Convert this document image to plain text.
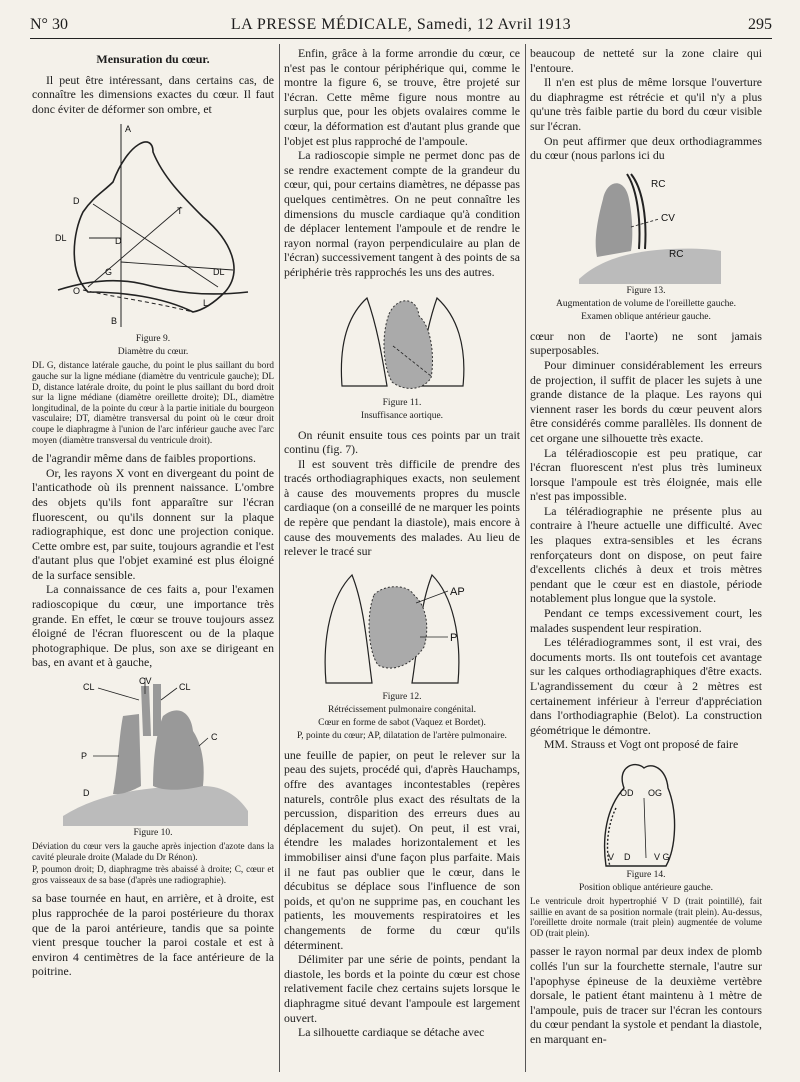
N° 30	LA PRESSE MÉDICALE, Samedi, 12 Avril 1913	295
Mensuration du cœur.

Il peut être intéressant, dans certains cas, de connaître les dimensions exactes du cœur. Il faut donc éviter de déformer son ombre, et

A
D
T
DL	D
G	DL
O
L
B
Figure 9.
Diamètre du cœur.
DL G, distance latérale gauche, du point le plus saillant du bord gauche sur la ligne médiane (diamètre du ventricule gauche); DL D, distance latérale droite, du point le plus saillant du bord droit sur la ligne médiane (diamètre oreillette droite); DL, diamètre longitudinal, de la pointe du cœur à la partie initiale du bourgeon vasculaire; DT, diamètre transversal du point où le cœur droit coupe le diaphragme à l'union de l'arc inférieur gauche avec l'arc moyen (diamètre transversal du ventricule droit).

de l'agrandir même dans de faibles proportions.

Or, les rayons X vont en divergeant du point de l'anticathode où ils prennent naissance. L'ombre des objets qu'ils font apparaître sur l'écran fluorescent, ou qu'ils donnent sur la plaque radiographique, est donc une projection conique. Cette ombre est, par suite, toujours agrandie et l'est d'autant plus que l'objet examiné est plus éloigné de la surface sensible.

La connaissance de ces faits a, pour l'examen radioscopique du cœur, une importance très grande. En effet, le cœur se trouve toujours assez éloigné de l'écran fluorescent ou de la plaque photographique. De plus, son axe se dirigeant en bas, en avant et à gauche,

CV
CL	CL
P
C
D
Figure 10.
Déviation du cœur vers la gauche après injection d'azote dans la cavité pleurale droite (Malade du Dr Rénon).
P, poumon droit; D, diaphragme très abaissé à droite; C, cœur et gros vaisseaux de sa base (d'après une radiographie).

sa base tournée en haut, en arrière, et à droite, est plus rapprochée de la paroi postérieure du thorax que de la paroi antérieure, tandis que sa pointe vient presque toucher la paroi costale et est à environ 4 centimètres de la face antérieure de la poitrine.

Enfin, grâce à la forme arrondie du cœur, ce n'est pas le contour périphérique qui, comme le montre la figure 6, se trouve, être projeté sur l'écran. Cette même figure nous montre au surplus que, pour les objets ovalaires comme le cœur, la déformation est d'autant plus grande que l'objet est plus rapproché de l'ampoule.

La radioscopie simple ne permet donc pas de se rendre exactement compte de la grandeur du cœur, qui, pour certains diamètres, ne dépasse pas quelques centimètres. On ne peut connaître les dimensions du muscle cardiaque qu'à condition de déplacer lentement l'ampoule et de rendre le rayon normal (rayon perpendiculaire au plan de l'écran) successivement tangent à des points de sa périphérie très rapprochés les uns des autres.

Figure 11.
Insuffisance aortique.

On réunit ensuite tous ces points par un trait continu (fig. 7).

Il est souvent très difficile de prendre des tracés orthodiagraphiques exacts, non seulement à cause des mouvements propres du muscle cardiaque (on a conseillé de ne marquer les points de repère que pendant la diastole), mais encore à cause des mouvements des malades. Au lieu de relever le tracé sur

AP
P
Figure 12.
Rétrécissement pulmonaire congénital.
Cœur en forme de sabot (Vaquez et Bordet).
P, pointe du cœur; AP, dilatation de l'artère pulmonaire.

une feuille de papier, on peut le relever sur la peau des sujets, procédé qui, d'après Hauchamps, offre des avantages incontestables (repères naturels, contrôle plus exact des résultats de la percussion, disparition des erreurs dues au déplacement du sujet). On peut, il est vrai, étendre les malades horizontalement et les immobiliser ainsi d'une façon plus parfaite. Mais il ne faut pas oublier que le cœur, dans le décubitus se déplace sous l'influence de son poids, et qu'on ne supprime pas, en couchant les patients, les mouvements respiratoires et les changements de forme du cœur qu'ils déterminent.

Délimiter par une série de points, pendant la diastole, les bords et la pointe du cœur est chose relativement facile chez certains sujets lorsque le diaphragme situé devant l'ampoule est largement ouvert.

La silhouette cardiaque se détache avec

beaucoup de netteté sur la zone claire qui l'entoure.

Il n'en est plus de même lorsque l'ouverture du diaphragme est rétrécie et qu'il n'y a plus qu'une très faible partie du bord du cœur visible sur l'écran.

On peut affirmer que deux orthodiagrammes du cœur (nous parlons ici du

RC
CV
RC
Figure 13.
Augmentation de volume de l'oreillette gauche.
Examen oblique antérieur gauche.

cœur non de l'aorte) ne sont jamais superposables.

Pour diminuer considérablement les erreurs de projection, il suffit de placer les sujets à une grande distance de la plaque. Les rayons qui viennent raser les bords du cœur peuvent alors être considérés comme parallèles. Ils donnent de cet organe une silhouette très exacte.

La téléradioscopie est peu pratique, car l'écran fluorescent n'est plus très lumineux lorsque l'ampoule est très éloignée, mais elle n'est pas impossible.

La téléradiographie ne présente plus au contraire à l'heure actuelle une difficulté. Avec les plaques extra-sensibles et les écrans renforçateurs dont on dispose, on peut faire d'excellents clichés à deux et trois mètres pendant que le cœur est en diastole, période notablement plus longue que la systole.

Pendant ce temps excessivement court, les malades suspendent leur respiration.

Les téléradiogrammes sont, il est vrai, des documents morts. Ils ont toutefois cet avantage sur les calques orthodiagraphiques d'être exacts. L'agrandissement du cœur à 2 mètres est certainement inférieur à l'erreur d'appréciation dans l'orthodiagraphie (Belot). La construction géométrique le démontre.

MM. Strauss et Vogt ont proposé de faire

OD OG
V D	V G
Figure 14.
Position oblique antérieure gauche.
Le ventricule droit hypertrophié V D (trait pointillé), fait saillie en avant de sa position normale (trait plein). Au-dessus, l'oreillette droite normale (trait plein) augmentée de volume OD (trait plein).

passer le rayon normal par deux index de plomb collés l'un sur la fourchette sternale, l'autre sur l'apophyse épineuse de la deuxième vertèbre dorsale, le patient étant maintenu à 1 mètre de l'ampoule, puis de tracer sur l'écran les contours du cœur pendant la systole et pendant la diastole, en marquant en-
